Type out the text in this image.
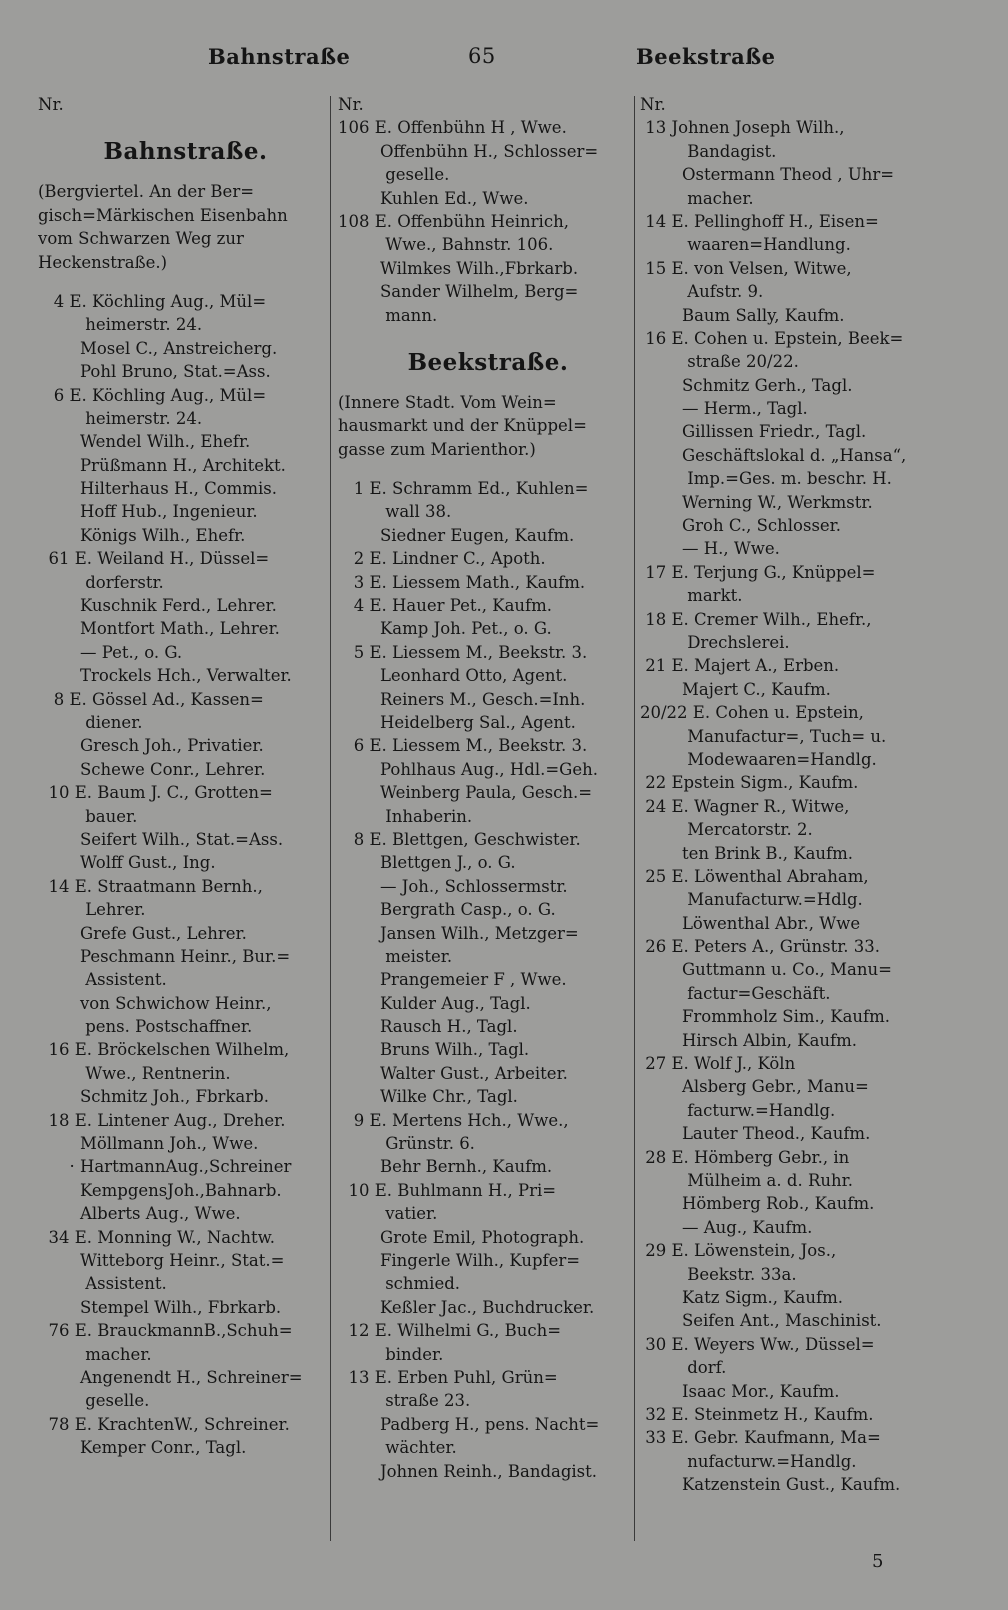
Bahnstraße	65	Beekstraße
Nr.
Bahnstraße.
(Bergviertel. An der Ber=
gisch=Märkischen Eisenbahn
vom Schwarzen Weg zur
Heckenstraße.)
4 E. Köchling Aug., Mül=
heimerstr. 24.
Mosel C., Anstreicherg.
Pohl Bruno, Stat.=Ass.
6 E. Köchling Aug., Mül=
heimerstr. 24.
Wendel Wilh., Ehefr.
Prüßmann H., Architekt.
Hilterhaus H., Commis.
Hoff Hub., Ingenieur.
Königs Wilh., Ehefr.
61 E. Weiland H., Düssel=
dorferstr.
Kuschnik Ferd., Lehrer.
Montfort Math., Lehrer.
— Pet., o. G.
Trockels Hch., Verwalter.
8 E. Gössel Ad., Kassen=
diener.
Gresch Joh., Privatier.
Schewe Conr., Lehrer.
10 E. Baum J. C., Grotten=
bauer.
Seifert Wilh., Stat.=Ass.
Wolff Gust., Ing.
14 E. Straatmann Bernh.,
Lehrer.
Grefe Gust., Lehrer.
Peschmann Heinr., Bur.=
Assistent.
von Schwichow Heinr.,
pens. Postschaffner.
16 E. Bröckelschen Wilhelm,
Wwe., Rentnerin.
Schmitz Joh., Fbrkarb.
18 E. Lintener Aug., Dreher.
Möllmann Joh., Wwe.
· HartmannAug.,Schreiner
KempgensJoh.,Bahnarb.
Alberts Aug., Wwe.
34 E. Monning W., Nachtw.
Witteborg Heinr., Stat.=
Assistent.
Stempel Wilh., Fbrkarb.
76 E. BrauckmannB.,Schuh=
macher.
Angenendt H., Schreiner=
geselle.
78 E. KrachtenW., Schreiner.
Kemper Conr., Tagl.
Nr.
106 E. Offenbühn H , Wwe.
Offenbühn H., Schlosser=
geselle.
Kuhlen Ed., Wwe.
108 E. Offenbühn Heinrich,
Wwe., Bahnstr. 106.
Wilmkes Wilh.,Fbrkarb.
Sander Wilhelm, Berg=
mann.
Beekstraße.
(Innere Stadt. Vom Wein=
hausmarkt und der Knüppel=
gasse zum Marienthor.)
1 E. Schramm Ed., Kuhlen=
wall 38.
Siedner Eugen, Kaufm.
2 E. Lindner C., Apoth.
3 E. Liessem Math., Kaufm.
4 E. Hauer Pet., Kaufm.
Kamp Joh. Pet., o. G.
5 E. Liessem M., Beekstr. 3.
Leonhard Otto, Agent.
Reiners M., Gesch.=Inh.
Heidelberg Sal., Agent.
6 E. Liessem M., Beekstr. 3.
Pohlhaus Aug., Hdl.=Geh.
Weinberg Paula, Gesch.=
Inhaberin.
8 E. Blettgen, Geschwister.
Blettgen J., o. G.
— Joh., Schlossermstr.
Bergrath Casp., o. G.
Jansen Wilh., Metzger=
meister.
Prangemeier F , Wwe.
Kulder Aug., Tagl.
Rausch H., Tagl.
Bruns Wilh., Tagl.
Walter Gust., Arbeiter.
Wilke Chr., Tagl.
9 E. Mertens Hch., Wwe.,
Grünstr. 6.
Behr Bernh., Kaufm.
10 E. Buhlmann H., Pri=
vatier.
Grote Emil, Photograph.
Fingerle Wilh., Kupfer=
schmied.
Keßler Jac., Buchdrucker.
12 E. Wilhelmi G., Buch=
binder.
13 E. Erben Puhl, Grün=
straße 23.
Padberg H., pens. Nacht=
wächter.
Johnen Reinh., Bandagist.
Nr.
13 Johnen Joseph Wilh.,
Bandagist.
Ostermann Theod , Uhr=
macher.
14 E. Pellinghoff H., Eisen=
waaren=Handlung.
15 E. von Velsen, Witwe,
Aufstr. 9.
Baum Sally, Kaufm.
16 E. Cohen u. Epstein, Beek=
straße 20/22.
Schmitz Gerh., Tagl.
— Herm., Tagl.
Gillissen Friedr., Tagl.
Geschäftslokal d. „Hansa“,
Imp.=Ges. m. beschr. H.
Werning W., Werkmstr.
Groh C., Schlosser.
— H., Wwe.
17 E. Terjung G., Knüppel=
markt.
18 E. Cremer Wilh., Ehefr.,
Drechslerei.
21 E. Majert A., Erben.
Majert C., Kaufm.
20/22 E. Cohen u. Epstein,
Manufactur=, Tuch= u.
Modewaaren=Handlg.
22 Epstein Sigm., Kaufm.
24 E. Wagner R., Witwe,
Mercatorstr. 2.
ten Brink B., Kaufm.
25 E. Löwenthal Abraham,
Manufacturw.=Hdlg.
Löwenthal Abr., Wwe
26 E. Peters A., Grünstr. 33.
Guttmann u. Co., Manu=
factur=Geschäft.
Frommholz Sim., Kaufm.
Hirsch Albin, Kaufm.
27 E. Wolf J., Köln
Alsberg Gebr., Manu=
facturw.=Handlg.
Lauter Theod., Kaufm.
28 E. Hömberg Gebr., in
Mülheim a. d. Ruhr.
Hömberg Rob., Kaufm.
— Aug., Kaufm.
29 E. Löwenstein, Jos.,
Beekstr. 33a.
Katz Sigm., Kaufm.
Seifen Ant., Maschinist.
30 E. Weyers Ww., Düssel=
dorf.
Isaac Mor., Kaufm.
32 E. Steinmetz H., Kaufm.
33 E. Gebr. Kaufmann, Ma=
nufacturw.=Handlg.
Katzenstein Gust., Kaufm.
5
